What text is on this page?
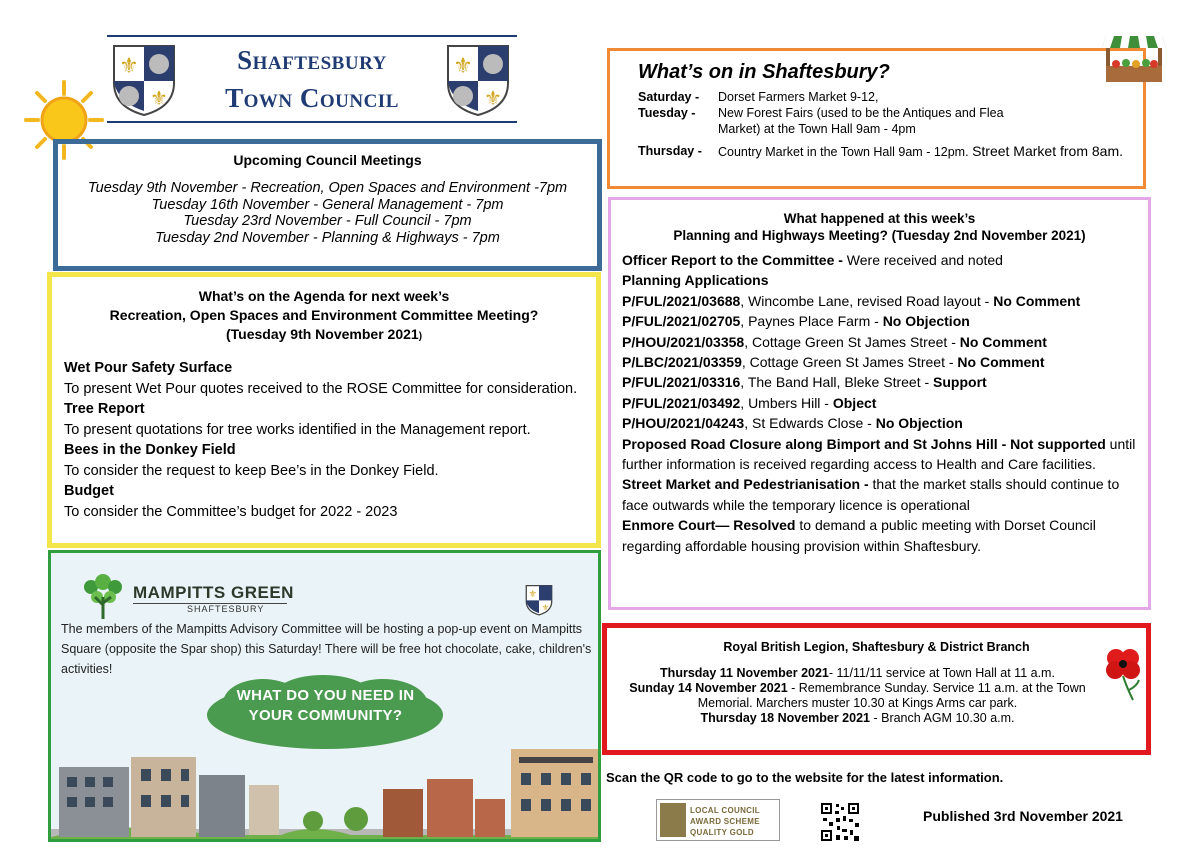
⚜
⚜
Shaftesbury
Town Council
⚜
⚜
Upcoming Council Meetings
Tuesday 9th November - Recreation, Open Spaces and Environment -7pm
Tuesday 16th November - General Management - 7pm
Tuesday 23rd November - Full Council - 7pm
Tuesday 2nd November - Planning & Highways - 7pm
What’s on the Agenda for next week’s
Recreation, Open Spaces and Environment Committee Meeting?
(Tuesday 9th November 2021)
Wet Pour Safety Surface
To present Wet Pour quotes received to the ROSE Committee for consideration.
Tree Report
To present quotations for tree works identified in the Management report.
Bees in the Donkey Field
To consider the request to keep Bee’s in the Donkey Field.
Budget
To consider the Committee’s budget for 2022 - 2023
MAMPITTS GREEN
SHAFTESBURY
⚜
⚜
The members of the Mampitts Advisory Committee will be hosting a pop-up event on Mampitts Square (opposite the Spar shop) this Saturday! There will be free hot chocolate, cake, children's activities!
WHAT DO YOU NEED IN
YOUR COMMUNITY?
What’s on in Shaftesbury?
Saturday -	Dorset Farmers Market 9-12,
Tuesday -	New Forest Fairs (used to be the Antiques and Flea Market) at the Town Hall 9am - 4pm
Thursday -	Country Market in the Town Hall 9am - 12pm. Street Market from 8am.
What happened at this week’s
Planning and Highways Meeting? (Tuesday 2nd November 2021)
Officer Report to the Committee - Were received and noted
Planning Applications
P/FUL/2021/03688, Wincombe Lane, revised Road layout - No Comment
P/FUL/2021/02705, Paynes Place Farm - No Objection
P/HOU/2021/03358, Cottage Green St James Street - No Comment
P/LBC/2021/03359, Cottage Green St James Street - No Comment
P/FUL/2021/03316, The Band Hall, Bleke Street - Support
P/FUL/2021/03492, Umbers Hill - Object
P/HOU/2021/04243, St Edwards Close - No Objection
Proposed Road Closure along Bimport and St Johns Hill - Not supported until further information is received regarding access to Health and Care facilities.
Street Market and Pedestrianisation - that the market stalls should continue to face outwards while the temporary licence is operational
Enmore Court— Resolved to demand a public meeting with Dorset Council regarding affordable housing provision within Shaftesbury.
Royal British Legion, Shaftesbury & District Branch
Thursday 11 November 2021- 11/11/11 service at Town Hall at 11 a.m.
Sunday 14 November 2021 - Remembrance Sunday. Service 11 a.m. at the Town Memorial. Marchers muster 10.30 at Kings Arms car park.
Thursday 18 November 2021 - Branch AGM 10.30 a.m.
Scan the QR code to go to the website for the latest information.
LOCAL COUNCIL
AWARD SCHEME
QUALITY GOLD
Published 3rd November 2021
